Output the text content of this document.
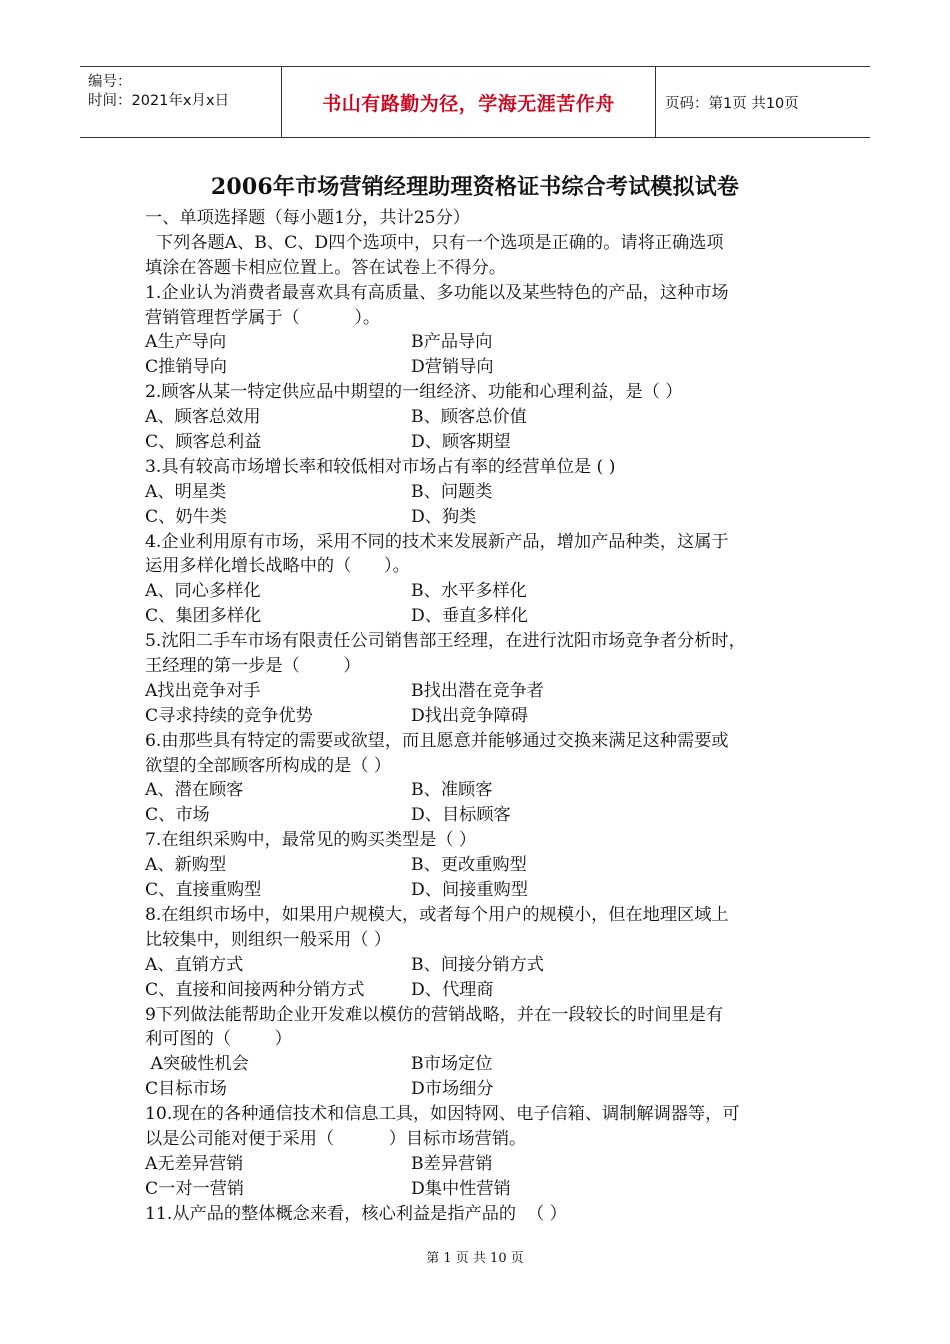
编号：
时间：2021年x月x日	书山有路勤为径，学海无涯苦作舟	页码：第1页 共10页
2006年市场营销经理助理资格证书综合考试模拟试卷
一、单项选择题（每小题1分，共计25分）
下列各题A、B、C、D四个选项中，只有一个选项是正确的。请将正确选项
填涂在答题卡相应位置上。答在试卷上不得分。
1.企业认为消费者最喜欢具有高质量、多功能以及某些特色的产品，这种市场
营销管理哲学属于（          ）。
A生产导向	B产品导向
C推销导向	D营销导向
2.顾客从某一特定供应品中期望的一组经济、功能和心理利益，是（ ）
A、顾客总效用	B、顾客总价值
C、顾客总利益	D、顾客期望
3.具有较高市场增长率和较低相对市场占有率的经营单位是 ( )
A、明星类	B、问题类
C、奶牛类	D、狗类
4.企业利用原有市场，采用不同的技术来发展新产品，增加产品种类，这属于
运用多样化增长战略中的（      ）。
A、同心多样化	B、水平多样化
C、集团多样化	D、垂直多样化
5.沈阳二手车市场有限责任公司销售部王经理，在进行沈阳市场竞争者分析时，
王经理的第一步是（        ）
A找出竞争对手	B找出潜在竞争者
C寻求持续的竞争优势	D找出竞争障碍
6.由那些具有特定的需要或欲望，而且愿意并能够通过交换来满足这种需要或
欲望的全部顾客所构成的是（ ）
A、潜在顾客	B、准顾客
C、市场	D、目标顾客
7.在组织采购中，最常见的购买类型是（ ）
A、新购型	B、更改重购型
C、直接重购型	D、间接重购型
8.在组织市场中，如果用户规模大，或者每个用户的规模小，但在地理区域上
比较集中，则组织一般采用（ ）
A、直销方式	B、间接分销方式
C、直接和间接两种分销方式	D、代理商
9下列做法能帮助企业开发难以模仿的营销战略，并在一段较长的时间里是有
利可图的（        ）
A突破性机会	B市场定位
C目标市场	D市场细分
10.现在的各种通信技术和信息工具，如因特网、电子信箱、调制解调器等，可
以是公司能对便于采用（          ）目标市场营销。
A无差异营销	B差异营销
C一对一营销	D集中性营销
11.从产品的整体概念来看，核心利益是指产品的  （ ）
第 1 页 共 10 页
